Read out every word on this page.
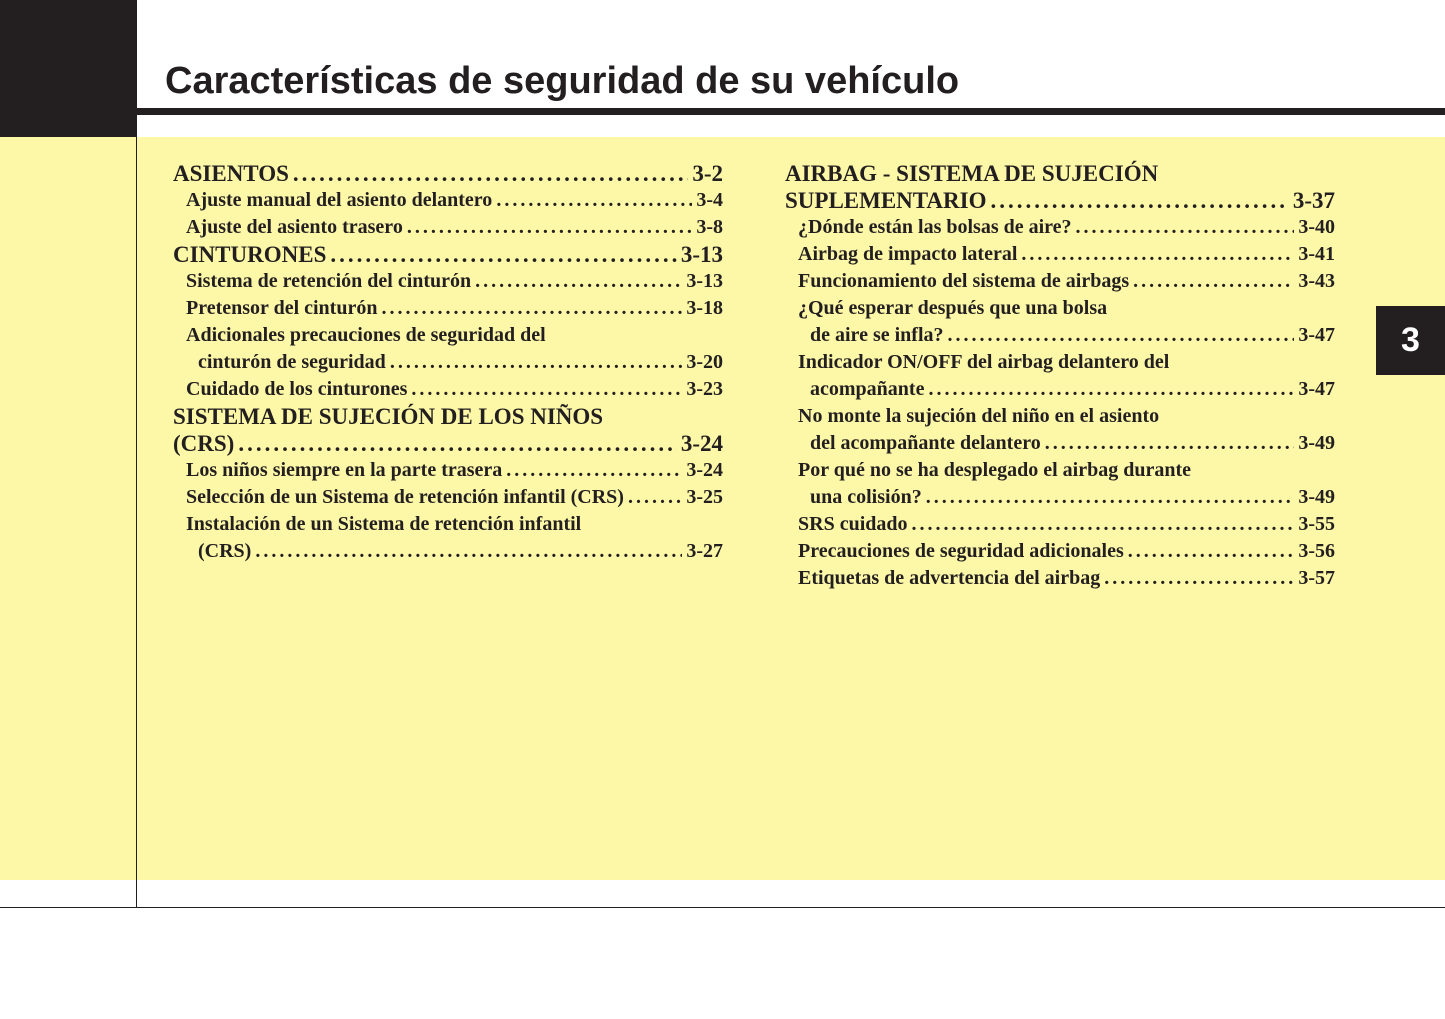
Características de seguridad de su vehículo
3
ASIENTOS .....	3-2
Ajuste manual del asiento delantero .....	3-4
Ajuste del asiento trasero .....	3-8
CINTURONES .....	3-13
Sistema de retención del cinturón .....	3-13
Pretensor del cinturón .....	3-18
Adicionales precauciones de seguridad del
cinturón de seguridad .....	3-20
Cuidado de los cinturones .....	3-23
SISTEMA DE SUJECIÓN DE LOS NIÑOS
(CRS) .....	3-24
Los niños siempre en la parte trasera .....	3-24
Selección de un Sistema de retención infantil (CRS) .....	3-25
Instalación de un Sistema de retención infantil
(CRS) .....	3-27
AIRBAG - SISTEMA DE SUJECIÓN
SUPLEMENTARIO .....	3-37
¿Dónde están las bolsas de aire? .....	3-40
Airbag de impacto lateral .....	3-41
Funcionamiento del sistema de airbags .....	3-43
¿Qué esperar después que una bolsa
de aire se infla? .....	3-47
Indicador ON/OFF del airbag delantero del
acompañante .....	3-47
No monte la sujeción del niño en el asiento
del acompañante delantero .....	3-49
Por qué no se ha desplegado el airbag durante
una colisión? .....	3-49
SRS cuidado .....	3-55
Precauciones de seguridad adicionales .....	3-56
Etiquetas de advertencia del airbag .....	3-57
